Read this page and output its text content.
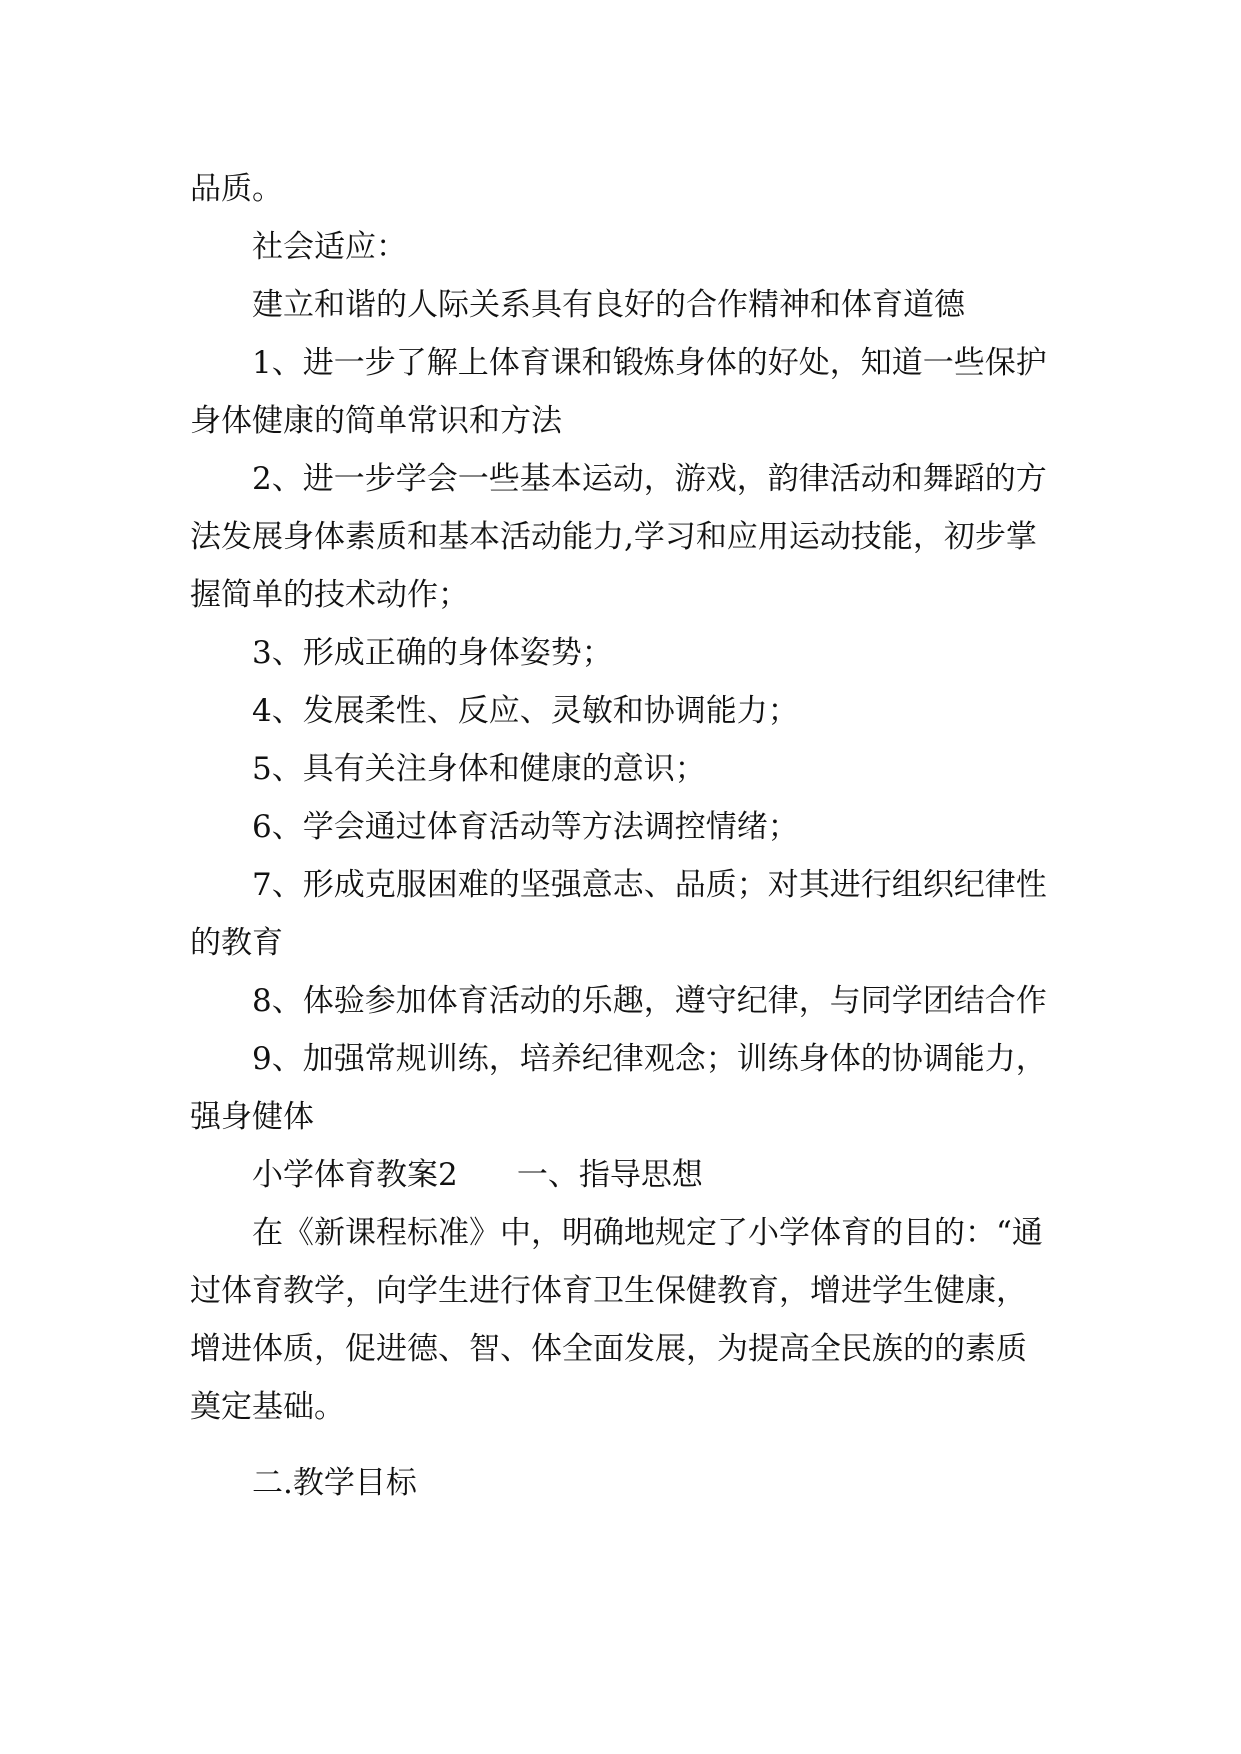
品质。

社会适应：

建立和谐的人际关系具有良好的合作精神和体育道德

1、进一步了解上体育课和锻炼身体的好处，知道一些保护身体健康的简单常识和方法

2、进一步学会一些基本运动，游戏，韵律活动和舞蹈的方法发展身体素质和基本活动能力,学习和应用运动技能，初步掌握简单的技术动作；

3、形成正确的身体姿势；

4、发展柔性、反应、灵敏和协调能力；

5、具有关注身体和健康的意识；

6、学会通过体育活动等方法调控情绪；

7、形成克服困难的坚强意志、品质；对其进行组织纪律性的教育

8、体验参加体育活动的乐趣，遵守纪律，与同学团结合作

9、加强常规训练，培养纪律观念；训练身体的协调能力，强身健体

小学体育教案2 一、指导思想

在《新课程标准》中，明确地规定了小学体育的目的：“通过体育教学，向学生进行体育卫生保健教育，增进学生健康，增进体质，促进德、智、体全面发展，为提高全民族的的素质奠定基础。

二.教学目标
